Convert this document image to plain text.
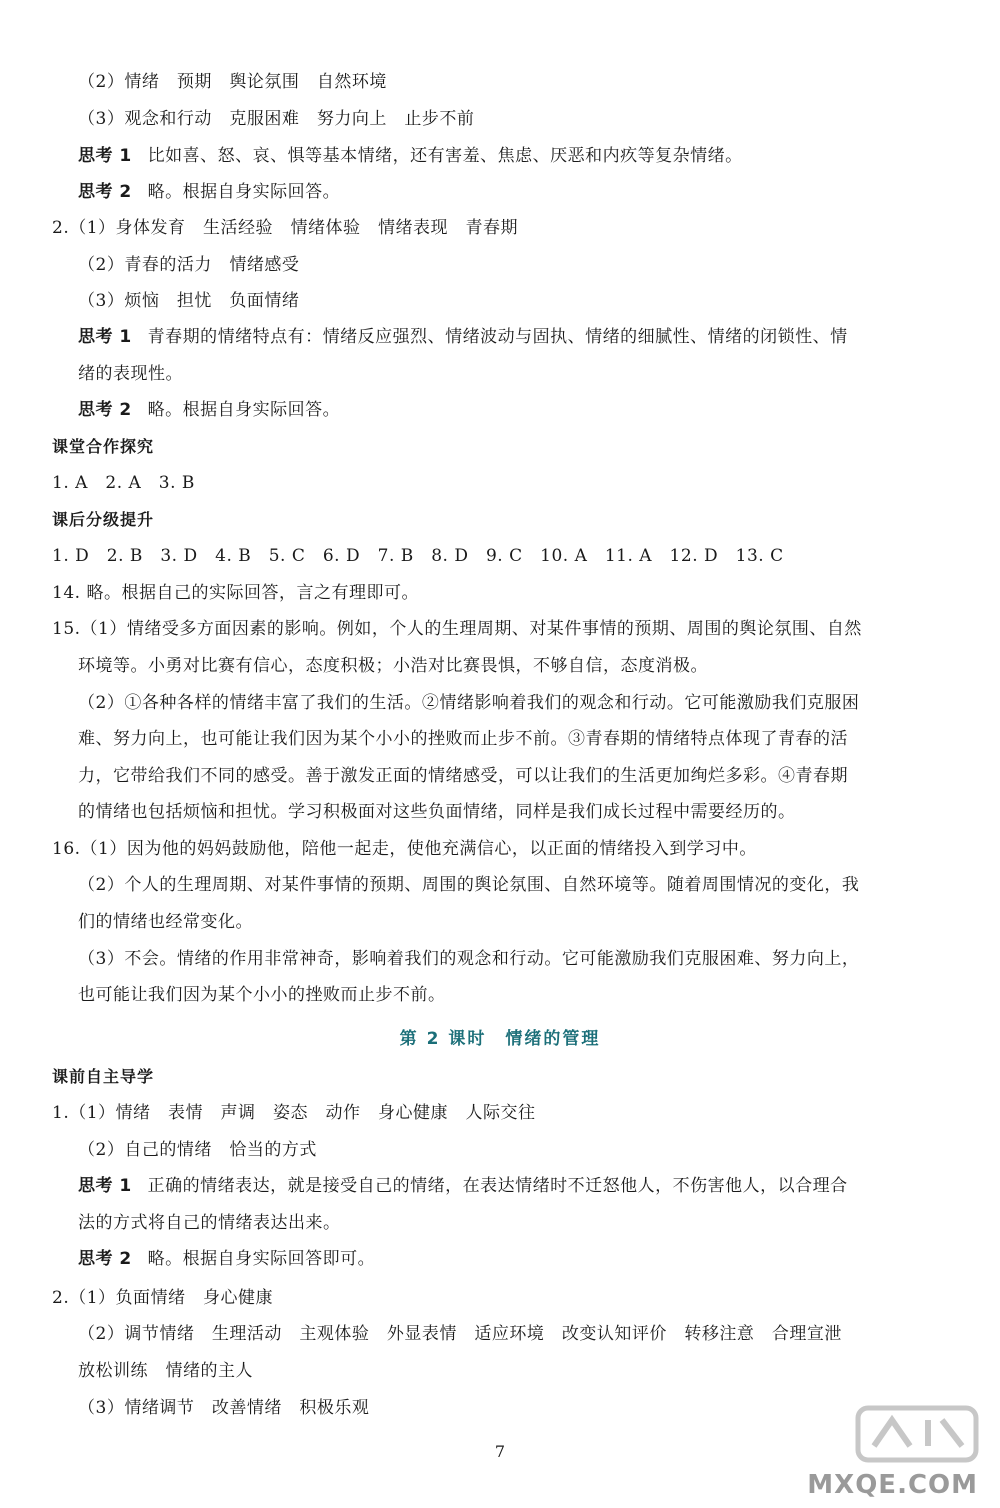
（2）情绪　预期　舆论氛围　自然环境
（3）观念和行动　克服困难　努力向上　止步不前
思考 1 比如喜、怒、哀、惧等基本情绪，还有害羞、焦虑、厌恶和内疚等复杂情绪。
思考 2 略。根据自身实际回答。
2.（1）身体发育　生活经验　情绪体验　情绪表现　青春期
（2）青春的活力　情绪感受
（3）烦恼　担忧　负面情绪
思考 1 青春期的情绪特点有：情绪反应强烈、情绪波动与固执、情绪的细腻性、情绪的闭锁性、情
绪的表现性。
思考 2 略。根据自身实际回答。
课堂合作探究
1. A　2. A　3. B
课后分级提升
1. D　2. B　3. D　4. B　5. C　6. D　7. B　8. D　9. C　10. A　11. A　12. D　13. C
14. 略。根据自己的实际回答，言之有理即可。
15.（1）情绪受多方面因素的影响。例如，个人的生理周期、对某件事情的预期、周围的舆论氛围、自然
环境等。小勇对比赛有信心，态度积极；小浩对比赛畏惧，不够自信，态度消极。
（2）①各种各样的情绪丰富了我们的生活。②情绪影响着我们的观念和行动。它可能激励我们克服困
难、努力向上，也可能让我们因为某个小小的挫败而止步不前。③青春期的情绪特点体现了青春的活
力，它带给我们不同的感受。善于激发正面的情绪感受，可以让我们的生活更加绚烂多彩。④青春期
的情绪也包括烦恼和担忧。学习积极面对这些负面情绪，同样是我们成长过程中需要经历的。
16.（1）因为他的妈妈鼓励他，陪他一起走，使他充满信心，以正面的情绪投入到学习中。
（2）个人的生理周期、对某件事情的预期、周围的舆论氛围、自然环境等。随着周围情况的变化，我
们的情绪也经常变化。
（3）不会。情绪的作用非常神奇，影响着我们的观念和行动。它可能激励我们克服困难、努力向上，
也可能让我们因为某个小小的挫败而止步不前。
第 2 课时　情绪的管理
课前自主导学
1.（1）情绪　表情　声调　姿态　动作　身心健康　人际交往
（2）自己的情绪　恰当的方式
思考 1 正确的情绪表达，就是接受自己的情绪，在表达情绪时不迁怒他人，不伤害他人，以合理合
法的方式将自己的情绪表达出来。
思考 2 略。根据自身实际回答即可。
2.（1）负面情绪　身心健康
（2）调节情绪　生理活动　主观体验　外显表情　适应环境　改变认知评价　转移注意　合理宣泄
放松训练　情绪的主人
（3）情绪调节　改善情绪　积极乐观
7
MXQE.COM
